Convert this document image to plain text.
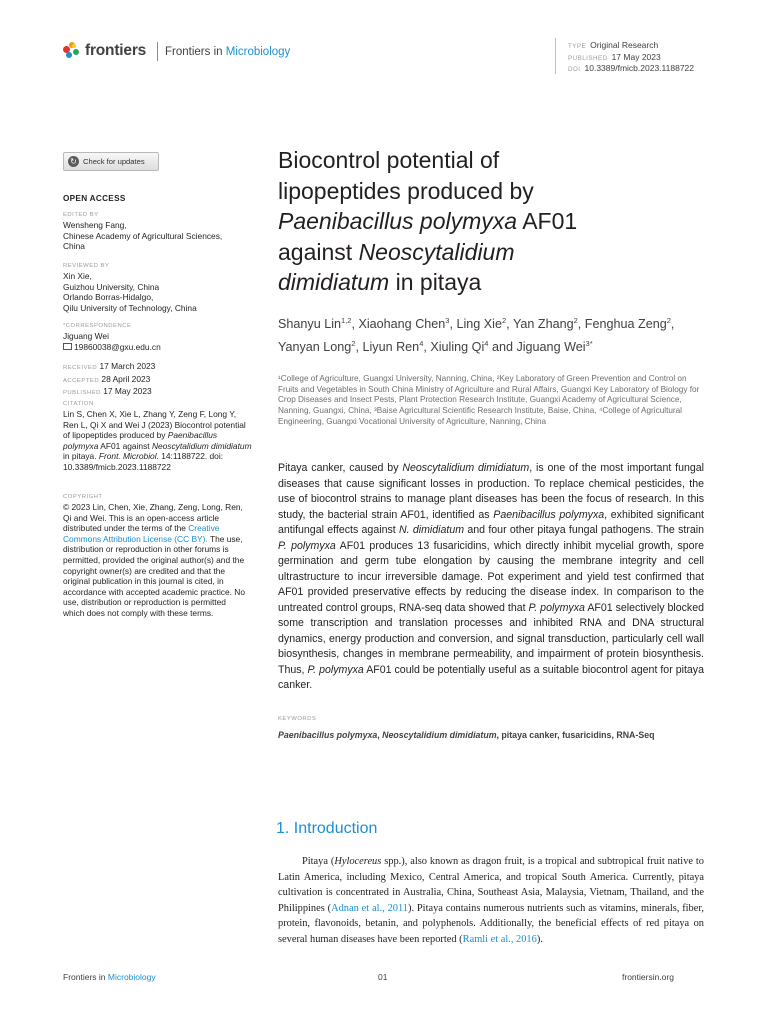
frontiers Frontiers in Microbiology	TYPE Original Research
PUBLISHED 17 May 2023
DOI 10.3389/fmicb.2023.1188722
↻ Check for updates
OPEN ACCESS
EDITED BY
Wensheng Fang,
Chinese Academy of Agricultural Sciences,
China
REVIEWED BY
Xin Xie,
Guizhou University, China
Orlando Borras-Hidalgo,
Qilu University of Technology, China
*CORRESPONDENCE
Jiguang Wei
19860038@gxu.edu.cn
RECEIVED 17 March 2023
ACCEPTED 28 April 2023
PUBLISHED 17 May 2023
CITATION
Lin S, Chen X, Xie L, Zhang Y, Zeng F, Long Y, Ren L, Qi X and Wei J (2023) Biocontrol potential of lipopeptides produced by Paenibacillus polymyxa AF01 against Neoscytalidium dimidiatum in pitaya. Front. Microbiol. 14:1188722. doi: 10.3389/fmicb.2023.1188722
COPYRIGHT
© 2023 Lin, Chen, Xie, Zhang, Zeng, Long, Ren, Qi and Wei. This is an open-access article distributed under the terms of the Creative Commons Attribution License (CC BY). The use, distribution or reproduction in other forums is permitted, provided the original author(s) and the copyright owner(s) are credited and that the original publication in this journal is cited, in accordance with accepted academic practice. No use, distribution or reproduction is permitted which does not comply with these terms.
Biocontrol potential of
lipopeptides produced by
Paenibacillus polymyxa AF01
against Neoscytalidium
dimidiatum in pitaya
Shanyu Lin$^{1,2}$, Xiaohang Chen$^3$, Ling Xie$^2$, Yan Zhang$^2$, Fenghua Zeng$^2$, Yanyan Long$^2$, Liyun Ren$^4$, Xiuling Qi$^4$ and Jiguang Wei$^{3*}$
¹College of Agriculture, Guangxi University, Nanning, China, ²Key Laboratory of Green Prevention and Control on Fruits and Vegetables in South China Ministry of Agriculture and Rural Affairs, Guangxi Key Laboratory of Biology for Crop Diseases and Insect Pests, Plant Protection Research Institute, Guangxi Academy of Agricultural Science, Nanning, Guangxi, China, ³Baise Agricultural Scientific Research Institute, Baise, China, ⁴College of Agricultural Engineering, Guangxi Vocational University of Agriculture, Nanning, China
Pitaya canker, caused by Neoscytalidium dimidiatum, is one of the most important fungal diseases that cause significant losses in production. To replace chemical pesticides, the use of biocontrol strains to manage plant diseases has been the focus of research. In this study, the bacterial strain AF01, identified as Paenibacillus polymyxa, exhibited significant antifungal effects against N. dimidiatum and four other pitaya fungal pathogens. The strain P. polymyxa AF01 produces 13 fusaricidins, which directly inhibit mycelial growth, spore germination and germ tube elongation by causing the membrane integrity and cell ultrastructure to incur irreversible damage. Pot experiment and yield test confirmed that AF01 provided preservative effects by reducing the disease index. In comparison to the untreated control groups, RNA-seq data showed that P. polymyxa AF01 selectively blocked some transcription and translation processes and inhibited RNA and DNA structural dynamics, energy production and conversion, and signal transduction, particularly cell wall biosynthesis, changes in membrane permeability, and impairment of protein biosynthesis. Thus, P. polymyxa AF01 could be potentially useful as a suitable biocontrol agent for pitaya canker.
KEYWORDS
Paenibacillus polymyxa, Neoscytalidium dimidiatum, pitaya canker, fusaricidins, RNA-Seq
1. Introduction
Pitaya (Hylocereus spp.), also known as dragon fruit, is a tropical and subtropical fruit native to Latin America, including Mexico, Central America, and tropical South America. Currently, pitaya cultivation is concentrated in Australia, China, Southeast Asia, Malaysia, Vietnam, Thailand, and the Philippines (Adnan et al., 2011). Pitaya contains numerous nutrients such as vitamins, minerals, fiber, protein, flavonoids, betanin, and polyphenols. Additionally, the beneficial effects of red pitaya on several human diseases have been reported (Ramli et al., 2016).
Frontiers in Microbiology	01	frontiersin.org
